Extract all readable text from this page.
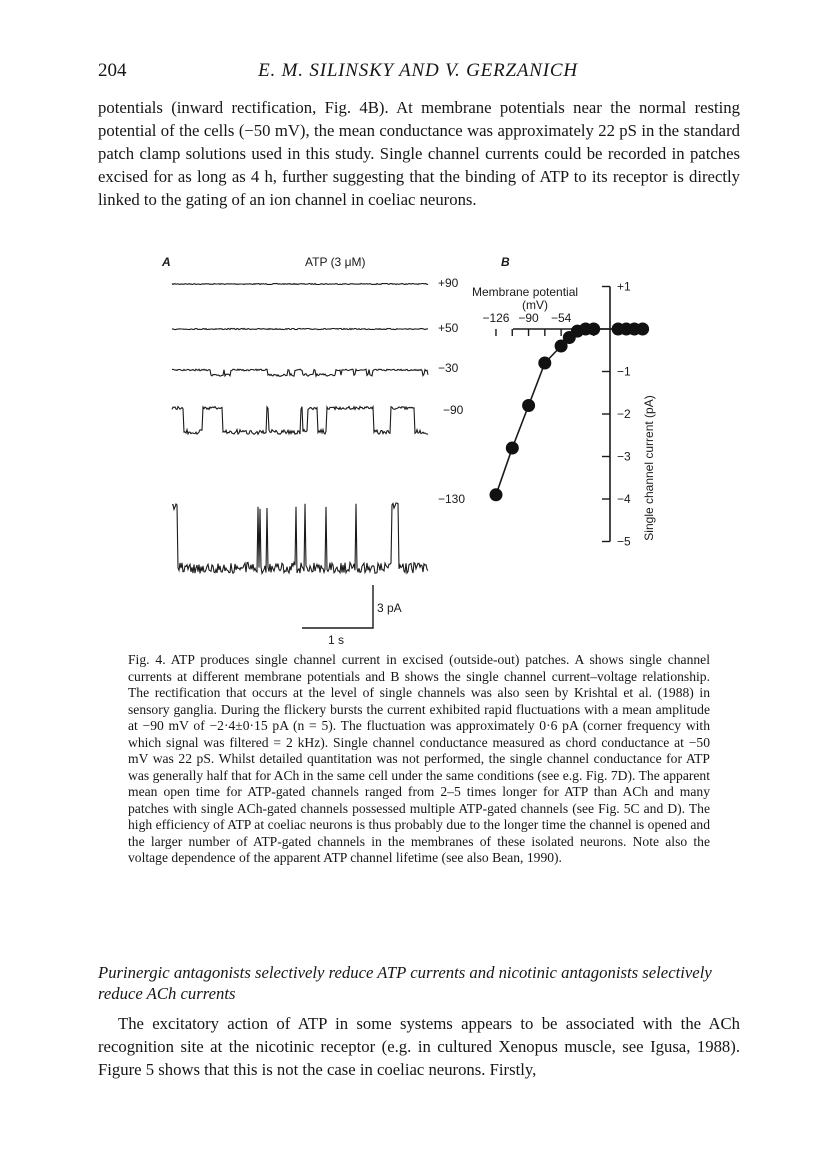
204	E. M. SILINSKY AND V. GERZANICH

potentials (inward rectification, Fig. 4B). At membrane potentials near the normal resting potential of the cells (−50 mV), the mean conductance was approximately 22 pS in the standard patch clamp solutions used in this study. Single channel currents could be recorded in patches excised for as long as 4 h, further suggesting that the binding of ATP to its receptor is directly linked to the gating of an ion channel in coeliac neurons.

A	ATP (3 μM)
+90
+50
−30
−90
−130
3 pA
1 s
B
Membrane potential
(mV)
−126 −90 −54
+1
−1
−2
−3
−4
−5
Single channel current (pA)

Fig. 4. ATP produces single channel current in excised (outside-out) patches. A shows single channel currents at different membrane potentials and B shows the single channel current–voltage relationship. The rectification that occurs at the level of single channels was also seen by Krishtal et al. (1988) in sensory ganglia. During the flickery bursts the current exhibited rapid fluctuations with a mean amplitude at −90 mV of −2·4±0·15 pA (n = 5). The fluctuation was approximately 0·6 pA (corner frequency with which signal was filtered = 2 kHz). Single channel conductance measured as chord conductance at −50 mV was 22 pS. Whilst detailed quantitation was not performed, the single channel conductance for ATP was generally half that for ACh in the same cell under the same conditions (see e.g. Fig. 7D). The apparent mean open time for ATP-gated channels ranged from 2–5 times longer for ATP than ACh and many patches with single ACh-gated channels possessed multiple ATP-gated channels (see Fig. 5C and D). The high efficiency of ATP at coeliac neurons is thus probably due to the longer time the channel is opened and the larger number of ATP-gated channels in the membranes of these isolated neurons. Note also the voltage dependence of the apparent ATP channel lifetime (see also Bean, 1990).

Purinergic antagonists selectively reduce ATP currents and nicotinic antagonists selectively reduce ACh currents

The excitatory action of ATP in some systems appears to be associated with the ACh recognition site at the nicotinic receptor (e.g. in cultured Xenopus muscle, see Igusa, 1988). Figure 5 shows that this is not the case in coeliac neurons. Firstly,
